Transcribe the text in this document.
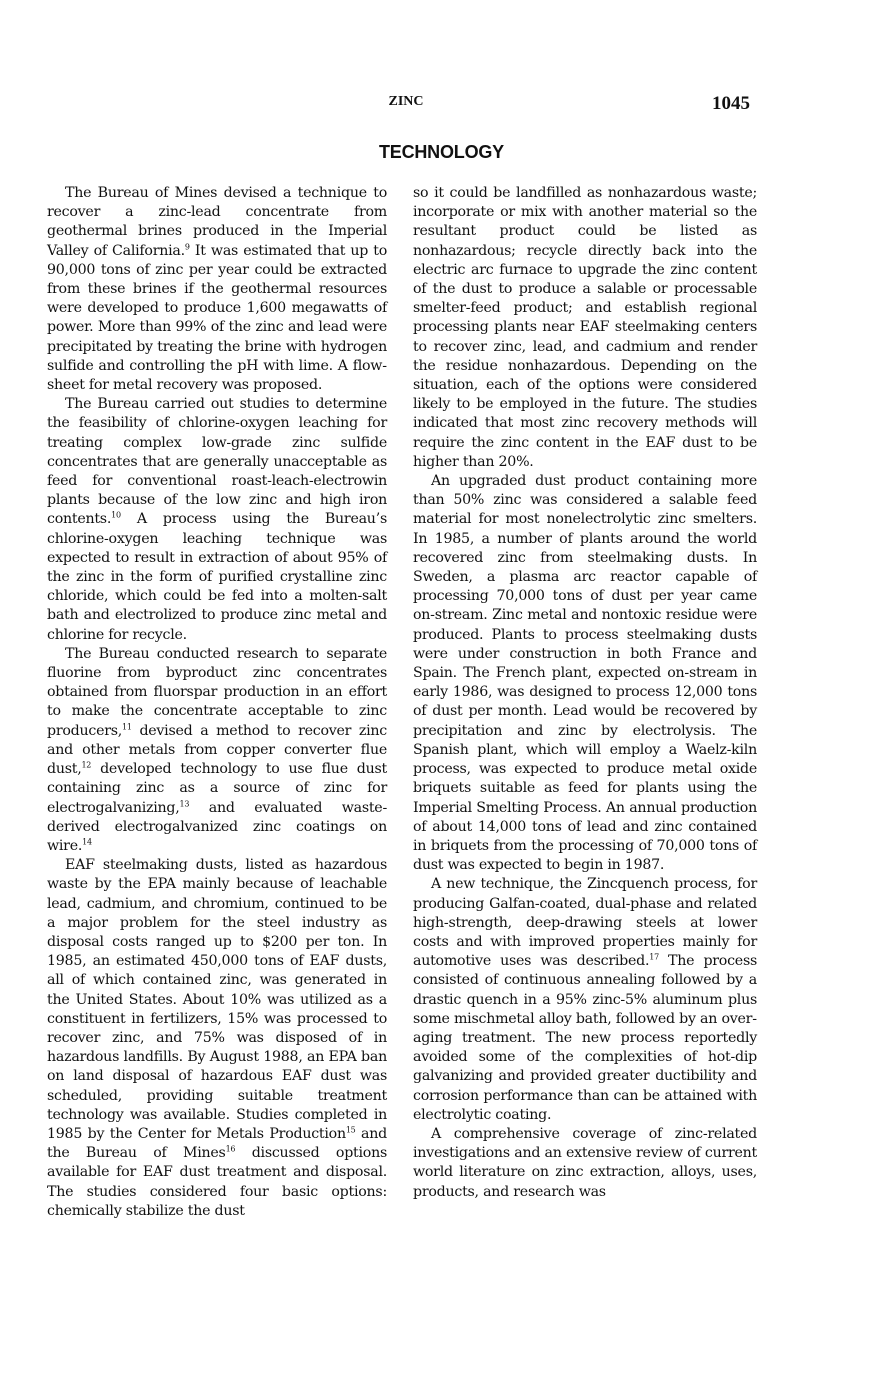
ZINC	1045
TECHNOLOGY

The Bureau of Mines devised a technique to recover a zinc-lead concentrate from geothermal brines produced in the Imperial Valley of California.$^9$ It was estimated that up to 90,000 tons of zinc per year could be extracted from these brines if the geothermal resources were developed to produce 1,600 megawatts of power. More than 99% of the zinc and lead were precipitated by treating the brine with hydrogen sulfide and controlling the pH with lime. A flowsheet for metal recovery was proposed.

The Bureau carried out studies to determine the feasibility of chlorine-oxygen leaching for treating complex low-grade zinc sulfide concentrates that are generally unacceptable as feed for conventional roast-leach-electrowin plants because of the low zinc and high iron contents.$^{10}$ A process using the Bureau’s chlorine-oxygen leaching technique was expected to result in extraction of about 95% of the zinc in the form of purified crystalline zinc chloride, which could be fed into a molten-salt bath and electrolized to produce zinc metal and chlorine for recycle.

The Bureau conducted research to separate fluorine from byproduct zinc concentrates obtained from fluorspar production in an effort to make the concentrate acceptable to zinc producers,$^{11}$ devised a method to recover zinc and other metals from copper converter flue dust,$^{12}$ developed technology to use flue dust containing zinc as a source of zinc for electrogalvanizing,$^{13}$ and evaluated waste-derived electrogalvanized zinc coatings on wire.$^{14}$

EAF steelmaking dusts, listed as hazardous waste by the EPA mainly because of leachable lead, cadmium, and chromium, continued to be a major problem for the steel industry as disposal costs ranged up to $200 per ton. In 1985, an estimated 450,000 tons of EAF dusts, all of which contained zinc, was generated in the United States. About 10% was utilized as a constituent in fertilizers, 15% was processed to recover zinc, and 75% was disposed of in hazardous landfills. By August 1988, an EPA ban on land disposal of hazardous EAF dust was scheduled, providing suitable treatment technology was available. Studies completed in 1985 by the Center for Metals Production$^{15}$ and the Bureau of Mines$^{16}$ discussed options available for EAF dust treatment and disposal. The studies considered four basic options: chemically stabilize the dust

so it could be landfilled as nonhazardous waste; incorporate or mix with another material so the resultant product could be listed as nonhazardous; recycle directly back into the electric arc furnace to upgrade the zinc content of the dust to produce a salable or processable smelter-feed product; and establish regional processing plants near EAF steelmaking centers to recover zinc, lead, and cadmium and render the residue nonhazardous. Depending on the situation, each of the options were considered likely to be employed in the future. The studies indicated that most zinc recovery methods will require the zinc content in the EAF dust to be higher than 20%.

An upgraded dust product containing more than 50% zinc was considered a salable feed material for most nonelectrolytic zinc smelters. In 1985, a number of plants around the world recovered zinc from steelmaking dusts. In Sweden, a plasma arc reactor capable of processing 70,000 tons of dust per year came on-stream. Zinc metal and nontoxic residue were produced. Plants to process steelmaking dusts were under construction in both France and Spain. The French plant, expected on-stream in early 1986, was designed to process 12,000 tons of dust per month. Lead would be recovered by precipitation and zinc by electrolysis. The Spanish plant, which will employ a Waelz-kiln process, was expected to produce metal oxide briquets suitable as feed for plants using the Imperial Smelting Process. An annual production of about 14,000 tons of lead and zinc contained in briquets from the processing of 70,000 tons of dust was expected to begin in 1987.

A new technique, the Zincquench process, for producing Galfan-coated, dual-phase and related high-strength, deep-drawing steels at lower costs and with improved properties mainly for automotive uses was described.$^{17}$ The process consisted of continuous annealing followed by a drastic quench in a 95% zinc-5% aluminum plus some mischmetal alloy bath, followed by an overaging treatment. The new process reportedly avoided some of the complexities of hot-dip galvanizing and provided greater ductibility and corrosion performance than can be attained with electrolytic coating.

A comprehensive coverage of zinc-related investigations and an extensive review of current world literature on zinc extraction, alloys, uses, products, and research was
